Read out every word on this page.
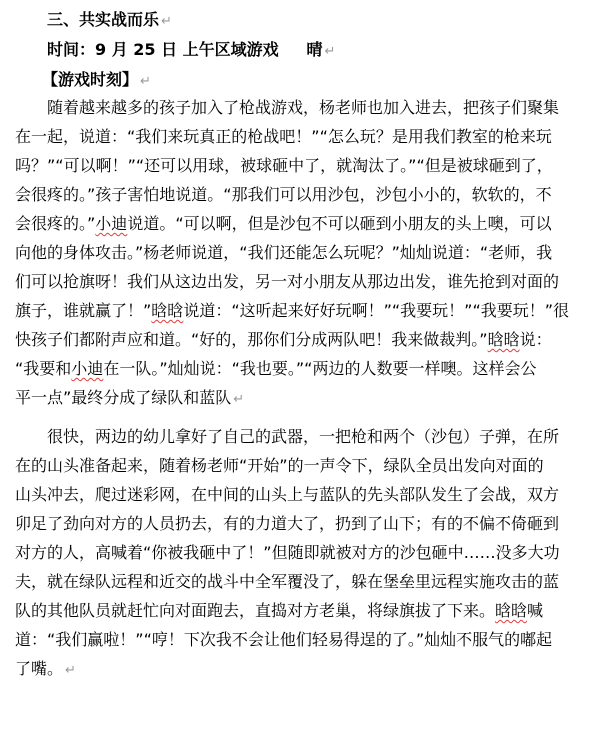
三、共实战而乐 ↵
时间：9 月 25 日 上午区域游戏     晴 ↵
【游戏时刻】 ↵
随着越来越多的孩子加入了枪战游戏，杨老师也加入进去，把孩子们聚集
在一起，说道：“我们来玩真正的枪战吧！”“怎么玩？是用我们教室的枪来玩
吗？”“可以啊！”“还可以用球，被球砸中了，就淘汰了。”“但是被球砸到了，
会很疼的。”孩子害怕地说道。“那我们可以用沙包，沙包小小的，软软的，不
会很疼的。”小迪说道。“可以啊，但是沙包不可以砸到小朋友的头上噢，可以
向他的身体攻击。”杨老师说道，“我们还能怎么玩呢？”灿灿说道：“老师，我
们可以抢旗呀！我们从这边出发，另一对小朋友从那边出发，谁先抢到对面的
旗子，谁就赢了！”晗晗说道：“这听起来好好玩啊！”“我要玩！”“我要玩！”很
快孩子们都附声应和道。“好的，那你们分成两队吧！我来做裁判。”晗晗说：
“我要和小迪在一队。”灿灿说：“我也要。”“两边的人数要一样噢。这样会公
平一点”最终分成了绿队和蓝队 ↵
很快，两边的幼儿拿好了自己的武器，一把枪和两个（沙包）子弹，在所
在的山头准备起来，随着杨老师“开始”的一声令下，绿队全员出发向对面的
山头冲去，爬过迷彩网，在中间的山头上与蓝队的先头部队发生了会战，双方
卯足了劲向对方的人员扔去，有的力道大了，扔到了山下；有的不偏不倚砸到
对方的人，高喊着“你被我砸中了！”但随即就被对方的沙包砸中……没多大功
夫，就在绿队远程和近交的战斗中全军覆没了，躲在堡垒里远程实施攻击的蓝
队的其他队员就赶忙向对面跑去，直捣对方老巢，将绿旗拔了下来。晗晗喊
道：“我们赢啦！”“哼！下次我不会让他们轻易得逞的了。”灿灿不服气的嘟起
了嘴。 ↵
